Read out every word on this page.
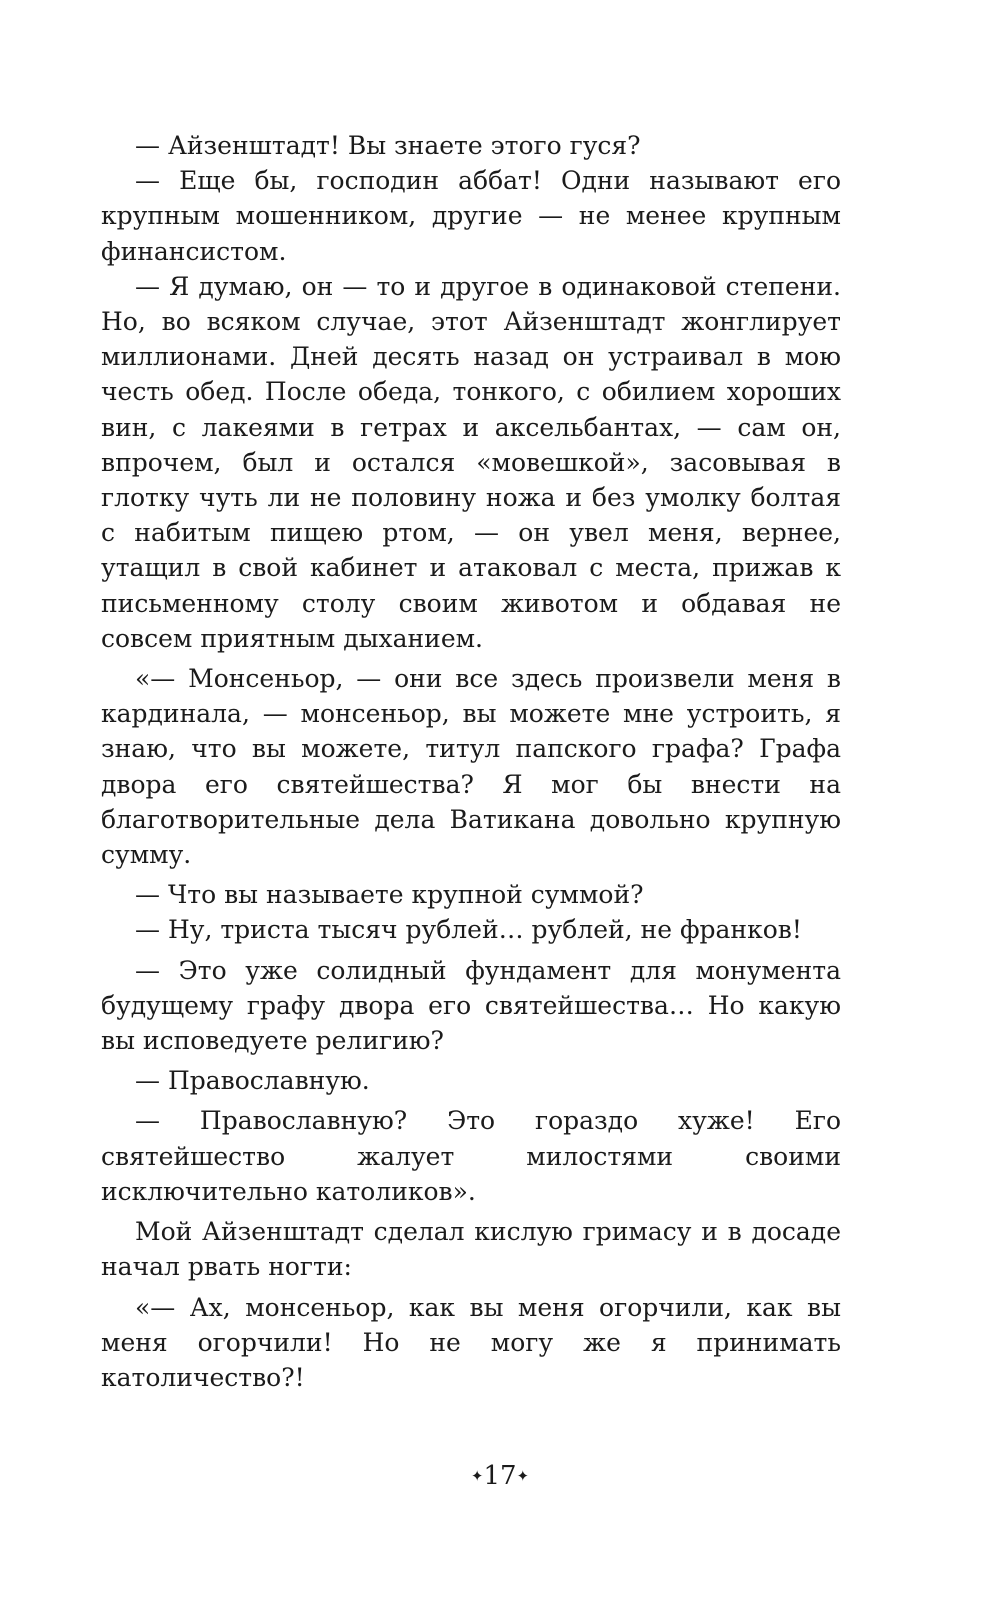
— Айзенштадт! Вы знаете этого гуся?

— Еще бы, господин аббат! Одни называют его крупным мошенником, другие — не менее крупным финансистом.

— Я думаю, он — то и другое в одинаковой степени. Но, во всяком случае, этот Айзенштадт жонглирует миллионами. Дней десять назад он устраивал в мою честь обед. После обеда, тонкого, с обилием хороших вин, с лакеями в гетрах и аксельбантах, — сам он, впрочем, был и остался «мовешкой», засовывая в глотку чуть ли не половину ножа и без умолку болтая с набитым пищею ртом, — он увел меня, вернее, утащил в свой кабинет и атаковал с места, прижав к письменному столу своим животом и обдавая не совсем приятным дыханием.

«— Монсеньор, — они все здесь произвели меня в кардинала, — монсеньор, вы можете мне устроить, я знаю, что вы можете, титул папского графа? Графа двора его святейшества? Я мог бы внести на благотворительные дела Ватикана довольно крупную сумму.

— Что вы называете крупной суммой?

— Ну, триста тысяч рублей… рублей, не франков!

— Это уже солидный фундамент для монумента будущему графу двора его святейшества… Но какую вы исповедуете религию?

— Православную.

— Православную? Это гораздо хуже! Его святейшество жалует милостями своими исключительно католиков».

Мой Айзенштадт сделал кислую гримасу и в досаде начал рвать ногти:

«— Ах, монсеньор, как вы меня огорчили, как вы меня огорчили! Но не могу же я принимать католичество?!

✦17✦
